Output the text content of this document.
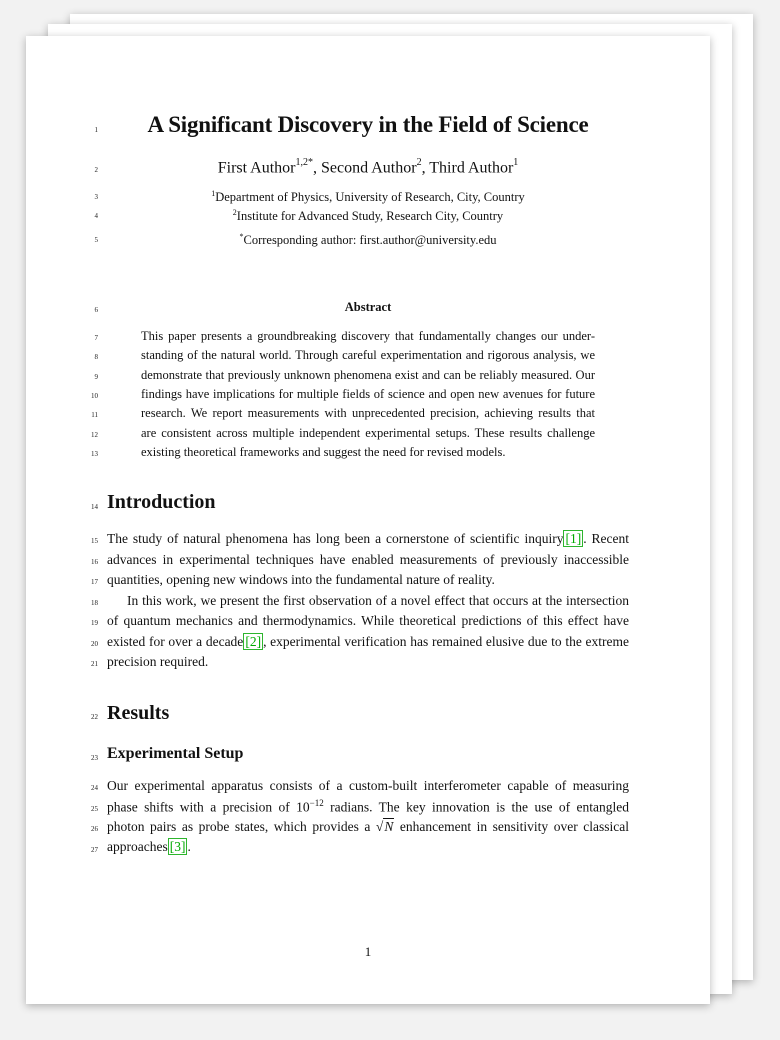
1
2
3
4
5
6
7
8
9
10
11
12
13
14
15
16
17
18
19
20
21
22
23
24
25
26
27
A Significant Discovery in the Field of Science
First Author$^{1,2*}$, Second Author$^2$, Third Author$^1$
$^1$Department of Physics, University of Research, City, Country
$^2$Institute for Advanced Study, Research City, Country
*Corresponding author: first.author@university.edu
Abstract
This paper presents a groundbreaking discovery that fundamentally changes our under-
standing of the natural world. Through careful experimentation and rigorous analysis, we
demonstrate that previously unknown phenomena exist and can be reliably measured. Our
findings have implications for multiple fields of science and open new avenues for future
research. We report measurements with unprecedented precision, achieving results that
are consistent across multiple independent experimental setups. These results challenge
existing theoretical frameworks and suggest the need for revised models.
Introduction
The study of natural phenomena has long been a cornerstone of scientific inquiry [1] . Recent
advances in experimental techniques have enabled measurements of previously inaccessible
quantities, opening new windows into the fundamental nature of reality.
In this work, we present the first observation of a novel effect that occurs at the intersection
of quantum mechanics and thermodynamics. While theoretical predictions of this effect have
existed for over a decade [2] , experimental verification has remained elusive due to the extreme
precision required.
Results
Experimental Setup
Our experimental apparatus consists of a custom-built interferometer capable of measuring
phase shifts with a precision of $10^{-12}$ radians. The key innovation is the use of entangled
photon pairs as probe states, which provides a √N enhancement in sensitivity over classical
approaches [3] .
1
